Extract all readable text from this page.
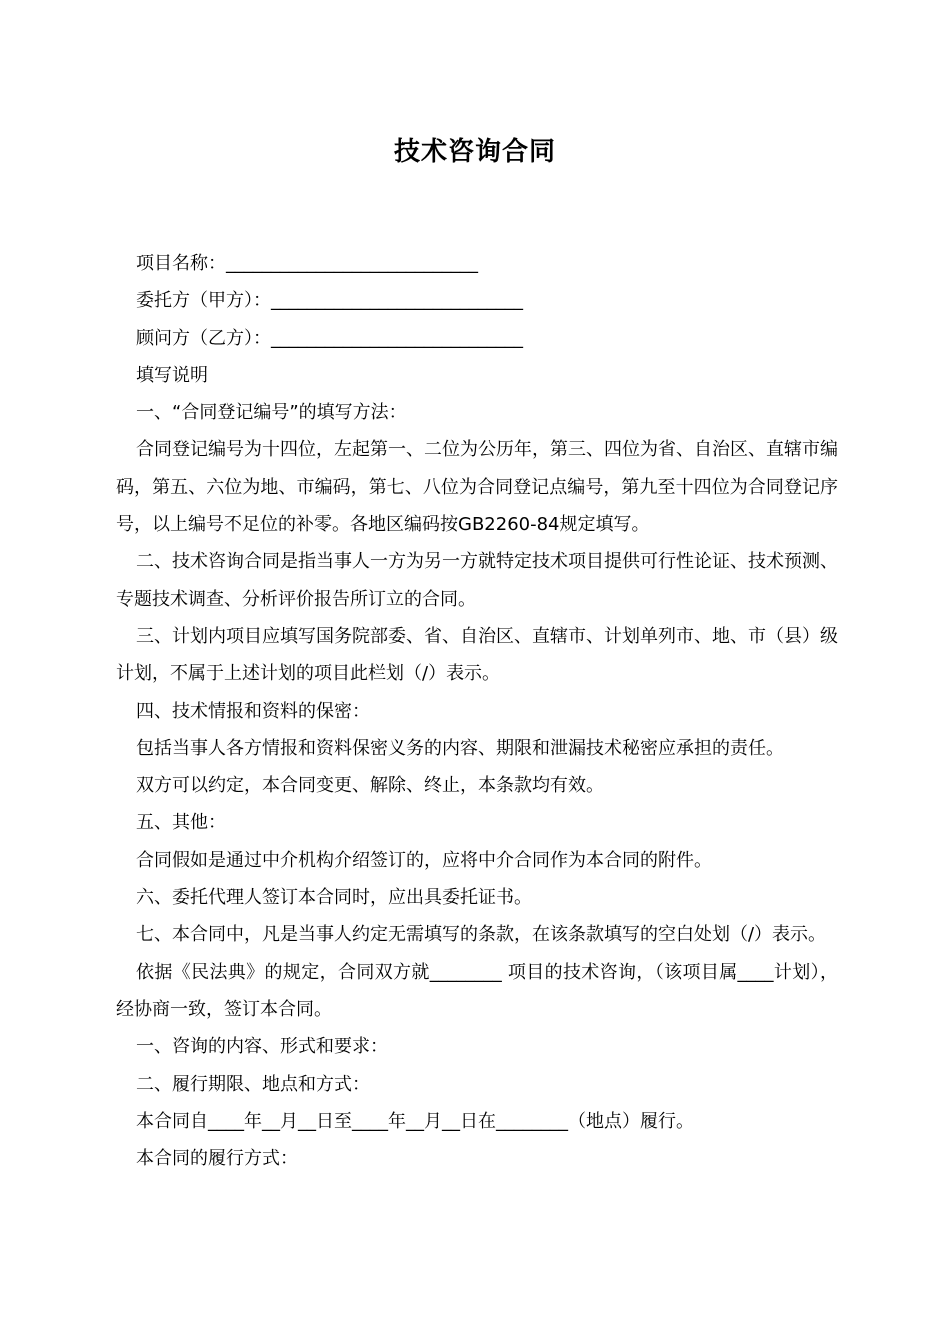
技术咨询合同

项目名称：____________________________

委托方（甲方）：____________________________

顾问方（乙方）：____________________________

填写说明

一、“合同登记编号”的填写方法：

合同登记编号为十四位，左起第一、二位为公历年，第三、四位为省、自治区、直辖市编码，第五、六位为地、市编码，第七、八位为合同登记点编号，第九至十四位为合同登记序号，以上编号不足位的补零。各地区编码按GB2260-84规定填写。

二、技术咨询合同是指当事人一方为另一方就特定技术项目提供可行性论证、技术预测、专题技术调查、分析评价报告所订立的合同。

三、计划内项目应填写国务院部委、省、自治区、直辖市、计划单列市、地、市（县）级计划，不属于上述计划的项目此栏划（/）表示。

四、技术情报和资料的保密：

包括当事人各方情报和资料保密义务的内容、期限和泄漏技术秘密应承担的责任。

双方可以约定，本合同变更、解除、终止，本条款均有效。

五、其他：

合同假如是通过中介机构介绍签订的，应将中介合同作为本合同的附件。

六、委托代理人签订本合同时，应出具委托证书。

七、本合同中，凡是当事人约定无需填写的条款，在该条款填写的空白处划（/）表示。

依据《民法典》的规定，合同双方就________ 项目的技术咨询，（该项目属____计划），经协商一致，签订本合同。

一、咨询的内容、形式和要求：

二、履行期限、地点和方式：

本合同自____年__月__日至____年__月__日在________（地点）履行。

本合同的履行方式：
